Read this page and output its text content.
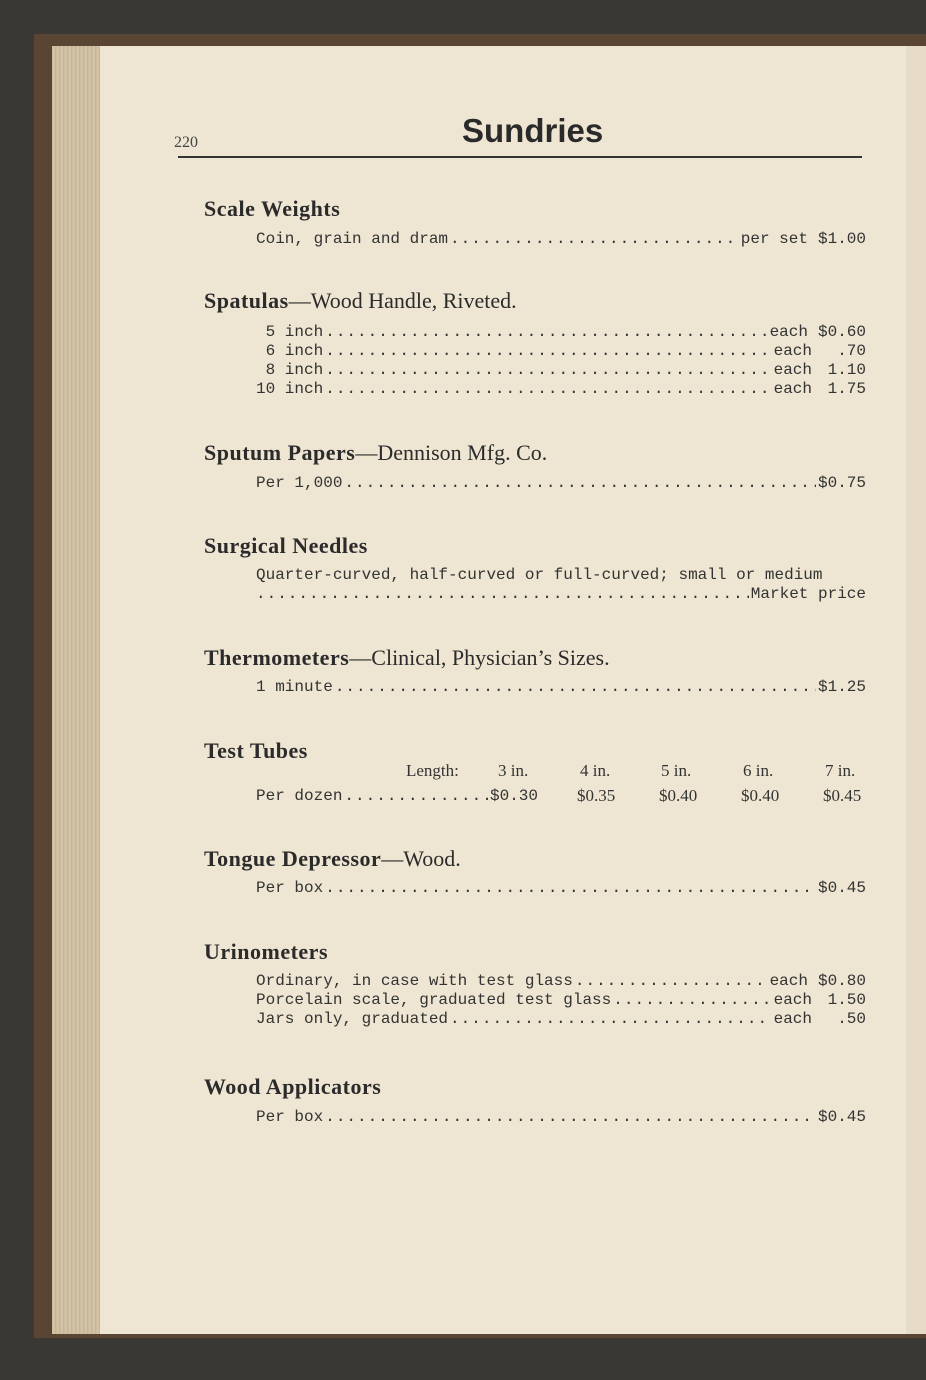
220	Sundries
Scale Weights
Coin, grain and dram .....	per set $1.00
Spatulas—Wood Handle, Riveted.
5 inch .....	each $0.60
6 inch .....	each	.70
8 inch .....	each 1.10
10 inch .....	each 1.75
Sputum Papers—Dennison Mfg. Co.
Per 1,000 .....	$0.75
Surgical Needles
Quarter-curved, half-curved or full-curved; small or medium
.....
Market price
Thermometers—Clinical, Physician’s Sizes.
1 minute .....	$1.25
Test Tubes
Length: 3 in.	4 in.	5 in.	6 in.	7 in.
Per dozen .....	$0.30 $0.35	$0.40	$0.40	$0.45
Tongue Depressor—Wood.
Per box .....	$0.45
Urinometers
Ordinary, in case with test glass .....	each $0.80
Porcelain scale, graduated test glass .....	each 1.50
Jars only, graduated .....	each	.50
Wood Applicators
Per box .....	$0.45
